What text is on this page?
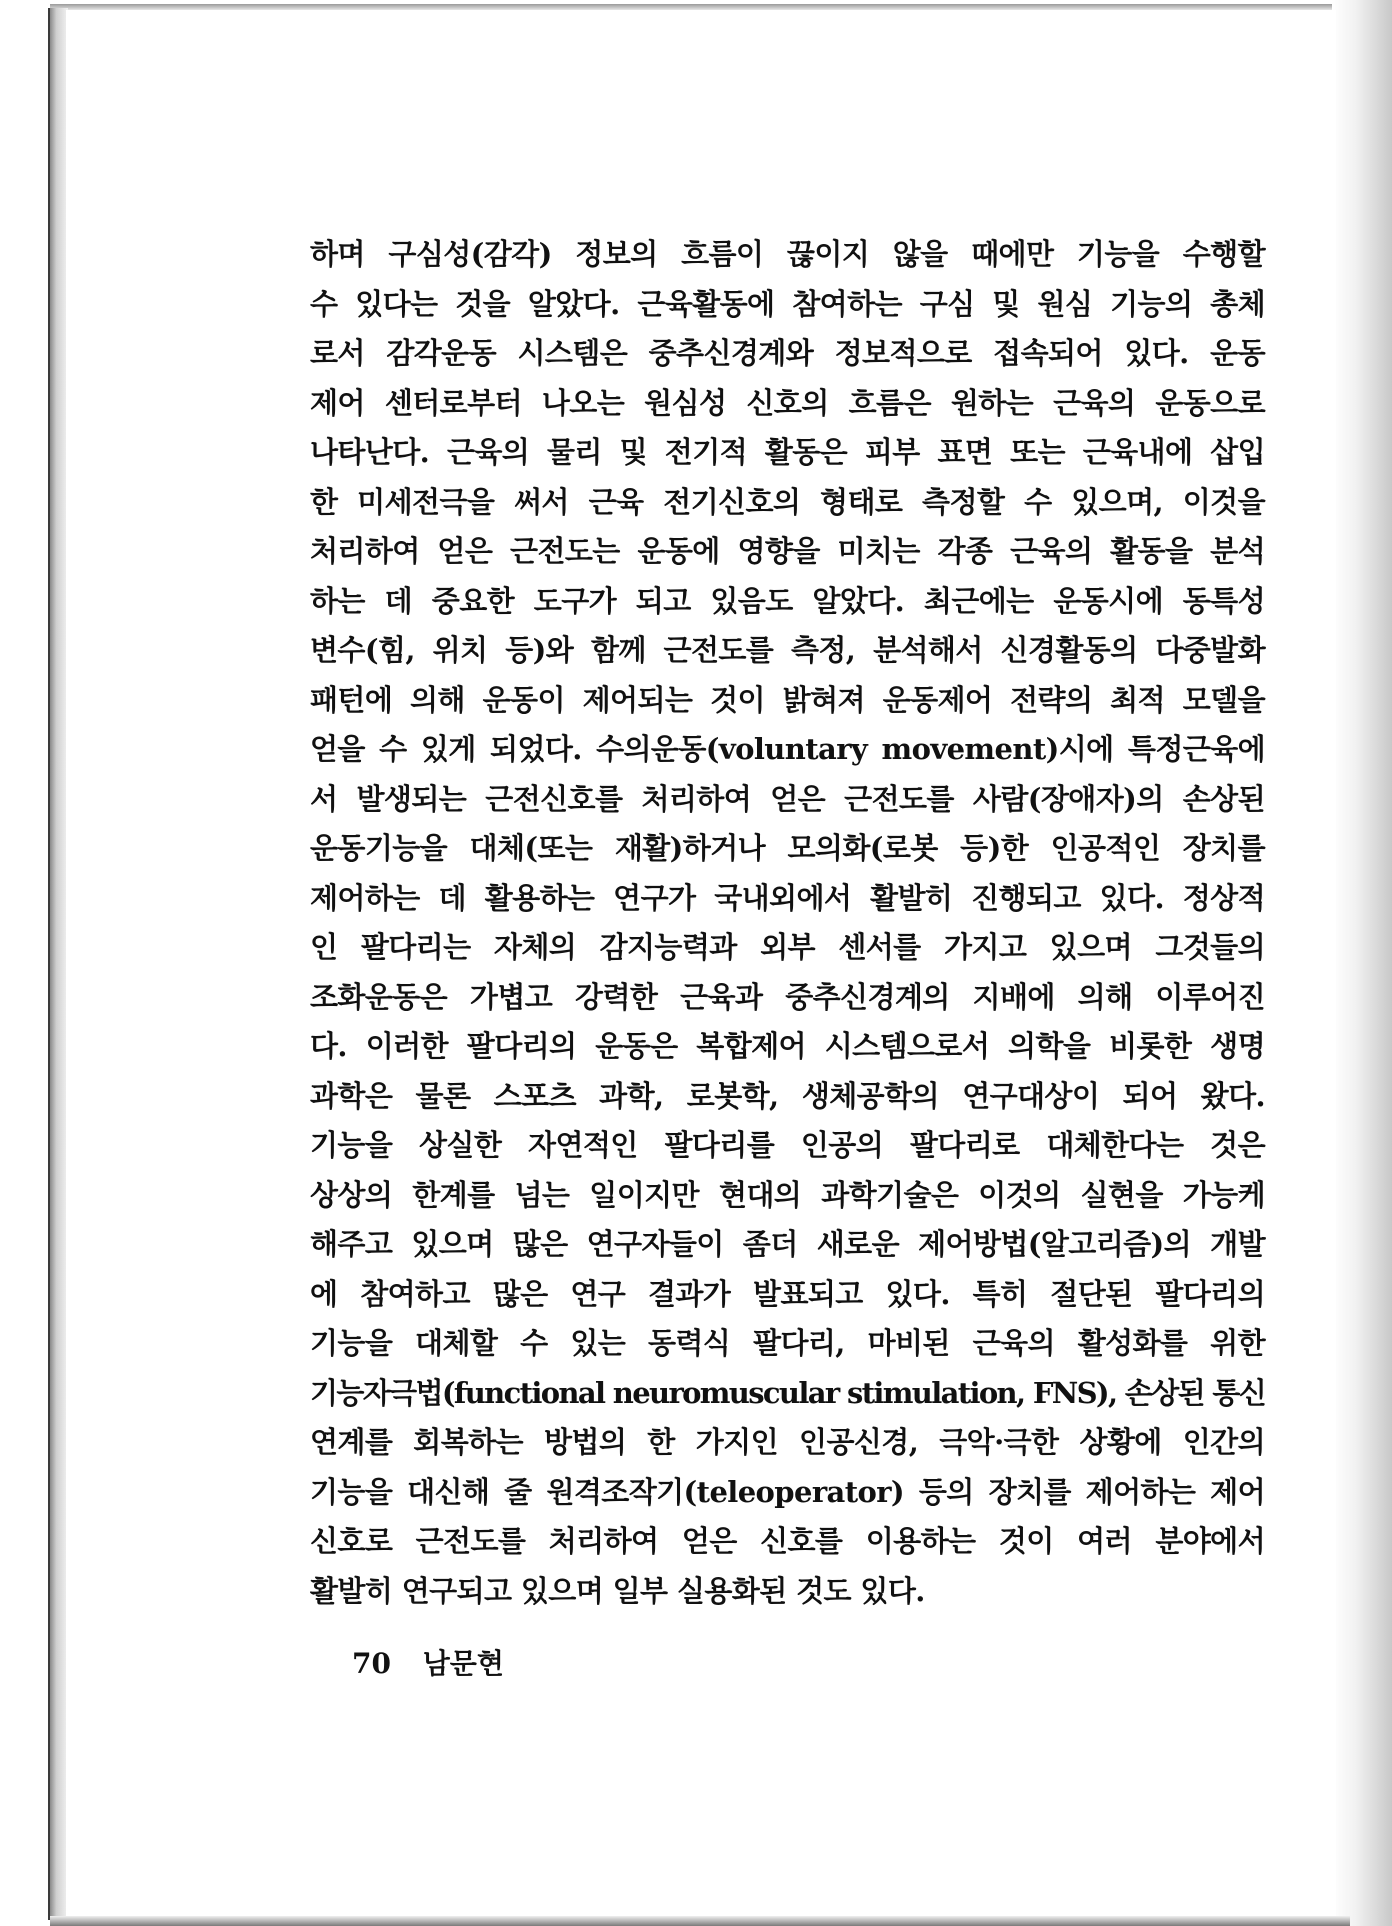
하며 구심성(감각) 정보의 흐름이 끊이지 않을 때에만 기능을 수행할
수 있다는 것을 알았다. 근육활동에 참여하는 구심 및 원심 기능의 총체
로서 감각운동 시스템은 중추신경계와 정보적으로 접속되어 있다. 운동
제어 센터로부터 나오는 원심성 신호의 흐름은 원하는 근육의 운동으로
나타난다. 근육의 물리 및 전기적 활동은 피부 표면 또는 근육내에 삽입
한 미세전극을 써서 근육 전기신호의 형태로 측정할 수 있으며, 이것을
처리하여 얻은 근전도는 운동에 영향을 미치는 각종 근육의 활동을 분석
하는 데 중요한 도구가 되고 있음도 알았다. 최근에는 운동시에 동특성
변수(힘, 위치 등)와 함께 근전도를 측정, 분석해서 신경활동의 다중발화
패턴에 의해 운동이 제어되는 것이 밝혀져 운동제어 전략의 최적 모델을
얻을 수 있게 되었다. 수의운동(voluntary movement)시에 특정근육에
서 발생되는 근전신호를 처리하여 얻은 근전도를 사람(장애자)의 손상된
운동기능을 대체(또는 재활)하거나 모의화(로봇 등)한 인공적인 장치를
제어하는 데 활용하는 연구가 국내외에서 활발히 진행되고 있다. 정상적
인 팔다리는 자체의 감지능력과 외부 센서를 가지고 있으며 그것들의
조화운동은 가볍고 강력한 근육과 중추신경계의 지배에 의해 이루어진
다. 이러한 팔다리의 운동은 복합제어 시스템으로서 의학을 비롯한 생명
과학은 물론 스포츠 과학, 로봇학, 생체공학의 연구대상이 되어 왔다.
기능을 상실한 자연적인 팔다리를 인공의 팔다리로 대체한다는 것은
상상의 한계를 넘는 일이지만 현대의 과학기술은 이것의 실현을 가능케
해주고 있으며 많은 연구자들이 좀더 새로운 제어방법(알고리즘)의 개발
에 참여하고 많은 연구 결과가 발표되고 있다. 특히 절단된 팔다리의
기능을 대체할 수 있는 동력식 팔다리, 마비된 근육의 활성화를 위한
기능자극법(functional neuromuscular stimulation, FNS), 손상된 통신
연계를 회복하는 방법의 한 가지인 인공신경, 극악·극한 상황에 인간의
기능을 대신해 줄 원격조작기(teleoperator) 등의 장치를 제어하는 제어
신호로 근전도를 처리하여 얻은 신호를 이용하는 것이 여러 분야에서
활발히 연구되고 있으며 일부 실용화된 것도 있다.
70 남문현
